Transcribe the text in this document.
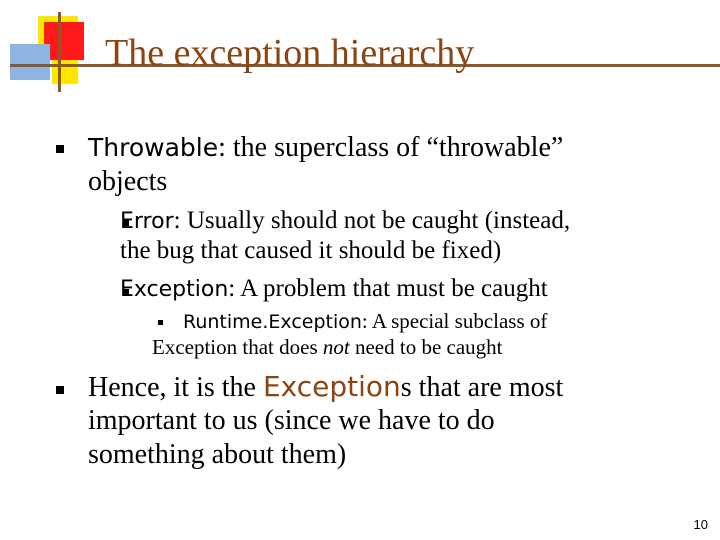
The exception hierarchy

Throwable: the superclass of “throwable”

objects

Error: Usually should not be caught (instead,

the bug that caused it should be fixed)

Exception: A problem that must be caught

Runtime.Exception: A special subclass of

Exception that does not need to be caught

Hence, it is the Exceptions that are most

important to us (since we have to do

something about them)

10
